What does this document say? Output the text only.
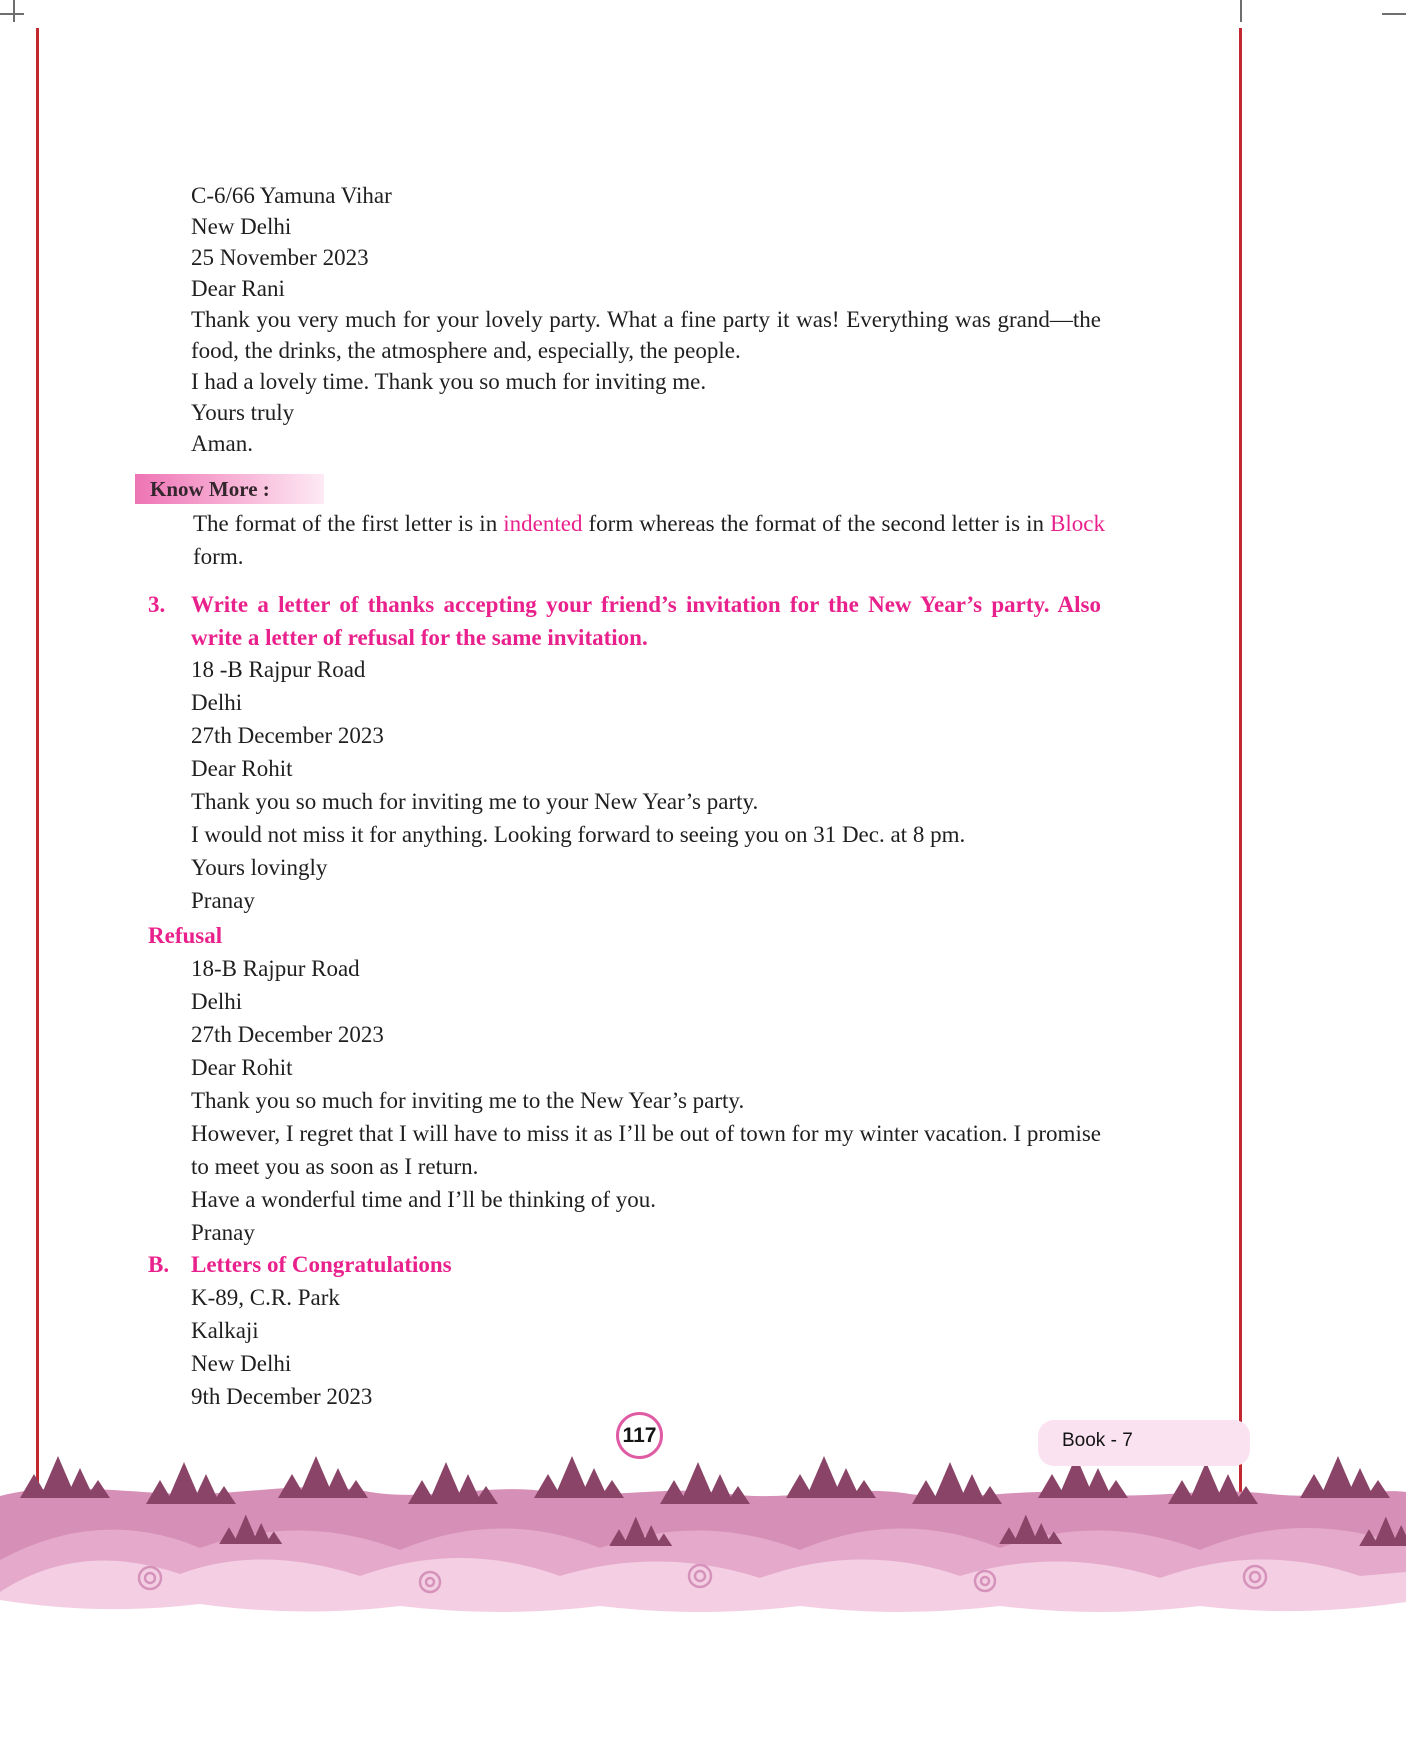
C-6/66 Yamuna Vihar
New Delhi
25 November 2023
Dear Rani
Thank you very much for your lovely party. What a fine party it was! Everything was grand—the food, the drinks, the atmosphere and, especially, the people.
I had a lovely time. Thank you so much for inviting me.
Yours truly
Aman.
Know More :

The format of the first letter is in indented form whereas the format of the second letter is in Block form.

3. Write a letter of thanks accepting your friend’s invitation for the New Year’s party. Also write a letter of refusal for the same invitation.
18 -B Rajpur Road
Delhi
27th December 2023
Dear Rohit
Thank you so much for inviting me to your New Year’s party.
I would not miss it for anything. Looking forward to seeing you on 31 Dec. at 8 pm.
Yours lovingly
Pranay
Refusal
18-B Rajpur Road
Delhi
27th December 2023
Dear Rohit
Thank you so much for inviting me to the New Year’s party.
However, I regret that I will have to miss it as I’ll be out of town for my winter vacation. I promise to meet you as soon as I return.
Have a wonderful time and I’ll be thinking of you.
Pranay
B. Letters of Congratulations
K-89, C.R. Park
Kalkaji
New Delhi
9th December 2023
Book - 7
117
